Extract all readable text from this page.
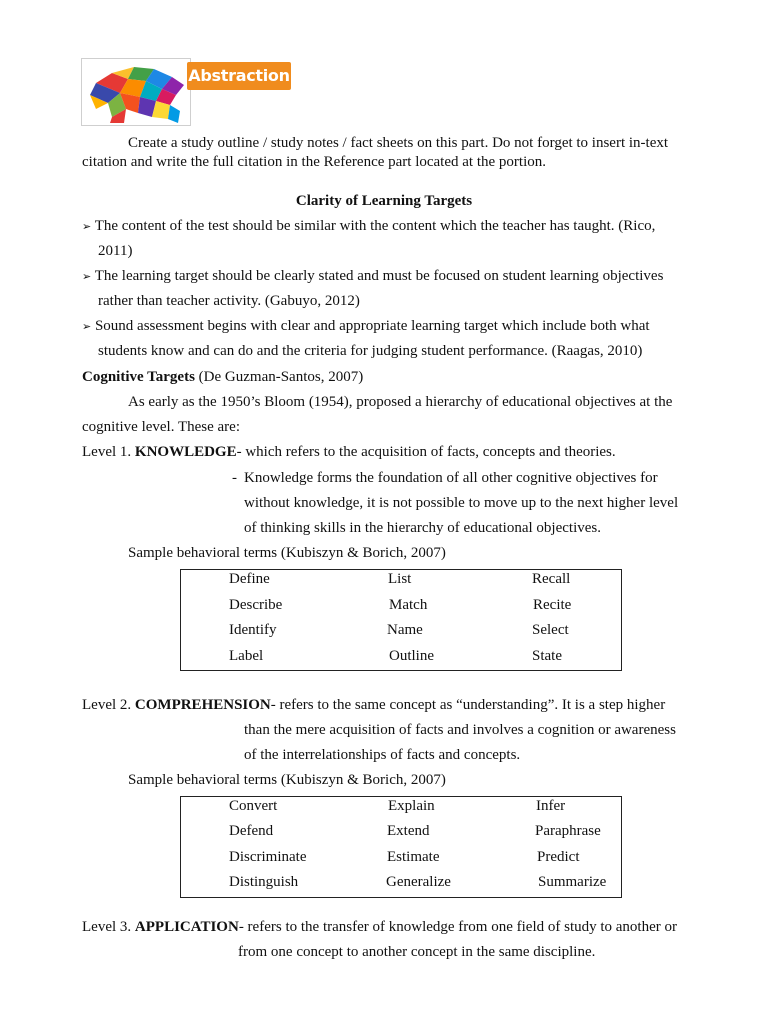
Abstraction
Create a study outline / study notes / fact sheets on this part. Do not forget to insert in-text
citation and write the full citation in the Reference part located at the portion.
Clarity of Learning Targets
➢ The content of the test should be similar with the content which the teacher has taught. (Rico,
2011)
➢ The learning target should be clearly stated and must be focused on student learning objectives
rather than teacher activity. (Gabuyo, 2012)
➢ Sound assessment begins with clear and appropriate learning target which include both what
students know and can do and the criteria for judging student performance. (Raagas, 2010)
Cognitive Targets (De Guzman-Santos, 2007)
As early as the 1950’s Bloom (1954), proposed a hierarchy of educational objectives at the
cognitive level. These are:
Level 1. KNOWLEDGE- which refers to the acquisition of facts, concepts and theories.
- Knowledge forms the foundation of all other cognitive objectives for
without knowledge, it is not possible to move up to the next higher level
of thinking skills in the hierarchy of educational objectives.
Sample behavioral terms (Kubiszyn & Borich, 2007)
Define	List	Recall
Describe	Match	Recite
Identify	Name	Select
Label	Outline	State
Level 2. COMPREHENSION- refers to the same concept as “understanding”. It is a step higher
than the mere acquisition of facts and involves a cognition or awareness
of the interrelationships of facts and concepts.
Sample behavioral terms (Kubiszyn & Borich, 2007)
Convert	Explain	Infer
Defend	Extend	Paraphrase
Discriminate	Estimate	Predict
Distinguish	Generalize	Summarize
Level 3. APPLICATION- refers to the transfer of knowledge from one field of study to another or
from one concept to another concept in the same discipline.
